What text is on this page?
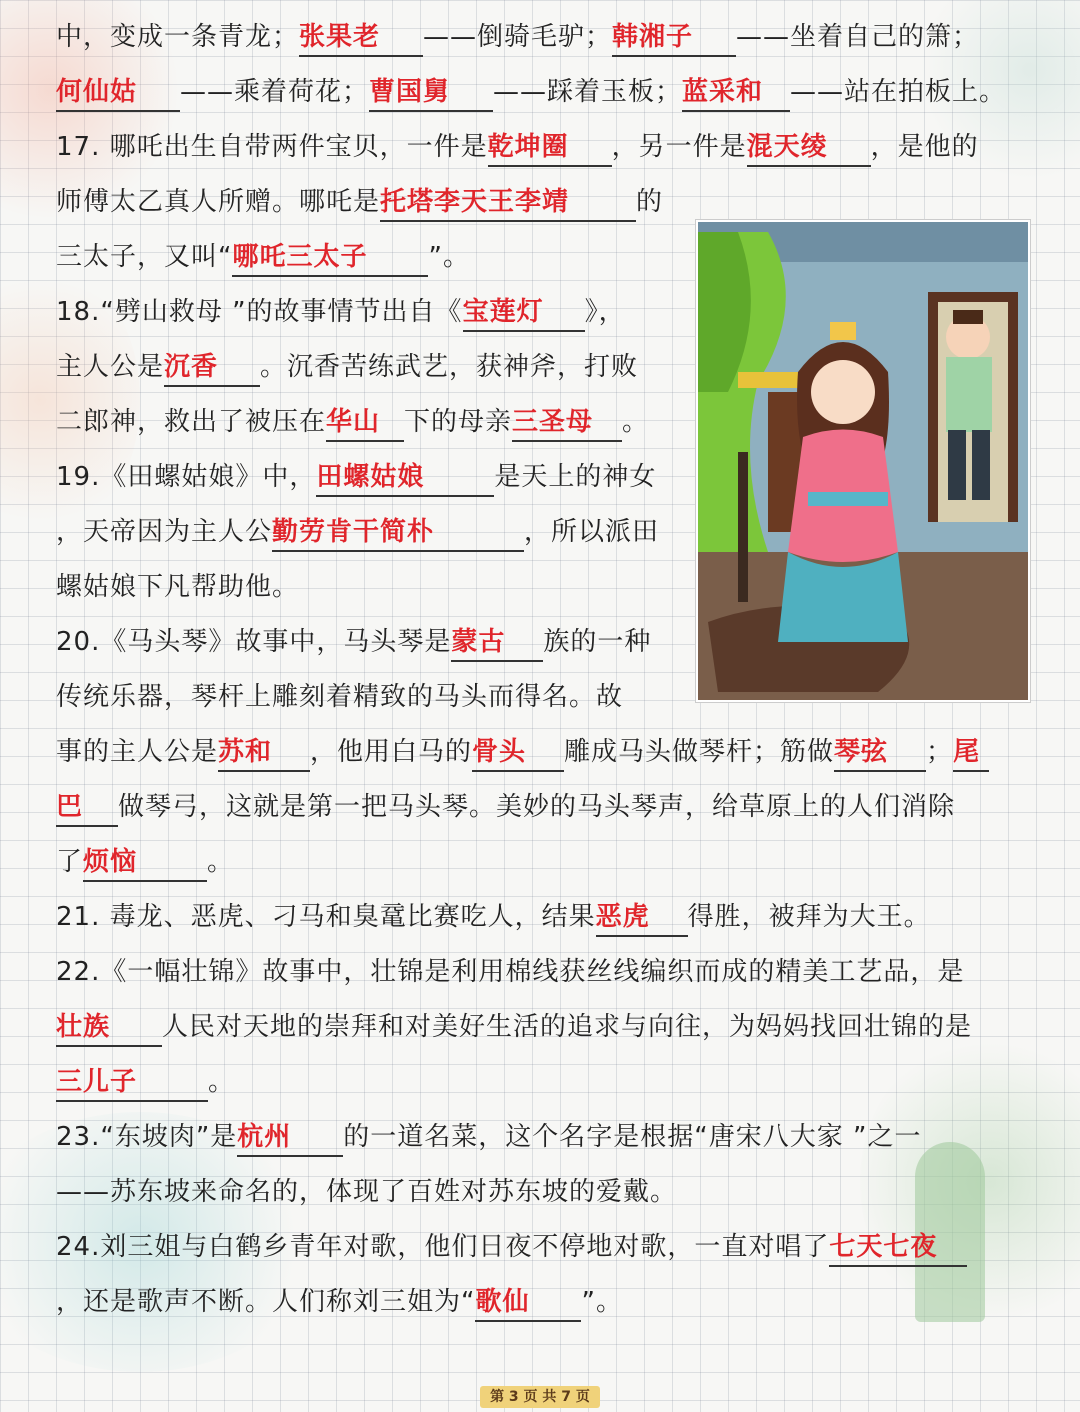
中，变成一条青龙；张果老 ——倒骑毛驴；韩湘子 ——坐着自己的箫；
何仙姑 ——乘着荷花；曹国舅 ——踩着玉板；蓝采和 ——站在拍板上。
17. 哪吒出生自带两件宝贝，一件是乾坤圈 ，另一件是混天绫 ，是他的
师傅太乙真人所赠。哪吒是托塔李天王李靖	的
三太子，又叫“哪吒三太子 ”。
18.“劈山救母 ”的故事情节出自《宝莲灯 》，
主人公是沉香 。沉香苦练武艺，获神斧，打败
二郎神，救出了被压在华山 下的母亲三圣母 。
19.《田螺姑娘》中，田螺姑娘	是天上的神女
，天帝因为主人公勤劳肯干简朴	，所以派田
螺姑娘下凡帮助他。
20.《马头琴》故事中，马头琴是蒙古 族的一种
传统乐器，琴杆上雕刻着精致的马头而得名。故
事的主人公是苏和 ，他用白马的骨头 雕成马头做琴杆；筋做琴弦 ；尾
巴 做琴弓，这就是第一把马头琴。美妙的马头琴声，给草原上的人们消除
了烦恼	。
21. 毒龙、恶虎、刁马和臭鼋比赛吃人，结果恶虎 得胜，被拜为大王。
22.《一幅壮锦》故事中，壮锦是利用棉线获丝线编织而成的精美工艺品，是
壮族 人民对天地的崇拜和对美好生活的追求与向往，为妈妈找回壮锦的是
三儿子	。
23.“东坡肉”是杭州 的一道名菜，这个名字是根据“唐宋八大家 ”之一
——苏东坡来命名的，体现了百姓对苏东坡的爱戴。
24.刘三姐与白鹤乡青年对歌，他们日夜不停地对歌，一直对唱了七天七夜
，还是歌声不断。人们称刘三姐为“歌仙 ”。
第 3 页 共 7 页
